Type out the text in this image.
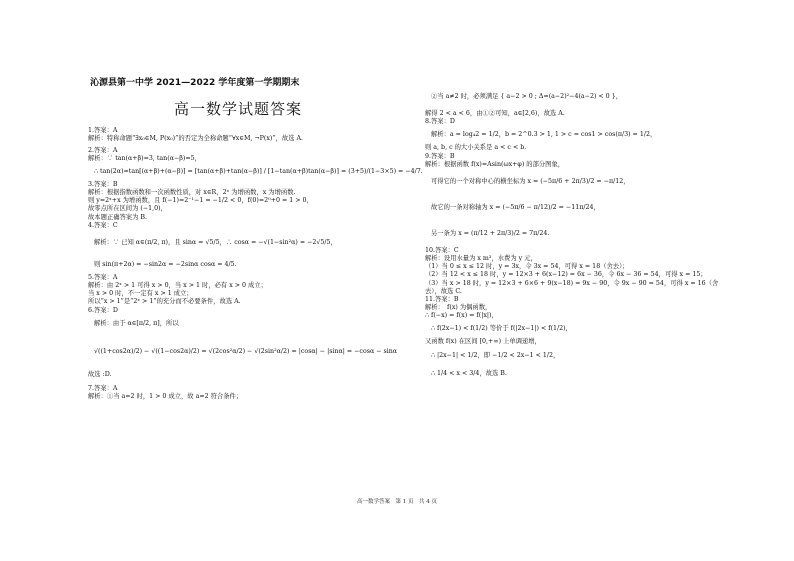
沁源县第一中学 2021—2022 学年度第一学期期末
高一数学试题答案
1.答案：A
解析：特称命题“∃x₀∈M, P(x₀)”的否定为全称命题“∀x∈M, ¬P(x)”，故选 A.
2.答案：A
解析：∵ tan(α+β)=3, tan(α−β)=5，
∴ tan(2α)=tan[(α+β)+(α−β)] = [tan(α+β)+tan(α−β)] / [1−tan(α+β)tan(α−β)] = (3+5)/(1−3×5) = −4/7.
3.答案：B
解析：根据指数函数和一次函数性质，对 x∈R，2ˣ 为增函数，x 为增函数.
则 y=2ˣ+x 为增函数，且 f(−1)=2⁻¹−1 = −1/2 < 0，f(0)=2⁰+0 = 1 > 0，
故零点所在区间为 (−1,0)，
故本题正确答案为 B.
4.答案：C
解析：∵ 已知 α∈(π/2, π)，且 sinα = √5/5，∴ cosα = −√(1−sin²α) = −2√5/5，
则 sin(π+2α) = −sin2α = −2sinα cosα = 4/5.
5.答案：A
解析：由 2ˣ > 1 可得 x > 0，当 x > 1 时，必有 x > 0 成立；
当 x > 0 时，不一定有 x > 1 成立；
所以“x > 1”是“2ˣ > 1”的充分而不必要条件，故选 A.
6.答案：D
解析：由于 α∈[π/2, π]，所以
√((1+cos2α)/2) − √((1−cos2α)/2) = √(2cos²α/2) − √(2sin²α/2) = |cosα| − |sinα| = −cosα − sinα
故选 :D.
7.答案：A
解析：①当 a=2 时，1 > 0 成立，故 a=2 符合条件；
②当 a≠2 时，必须满足 { a−2 > 0 ; Δ=(a−2)²−4(a−2) < 0 }，
解得 2 < a < 6，由①②可知，a∈[2,6)，故选 A.
8.答案：D
解析：a = log₄2 = 1/2，b = 2^0.3 > 1, 1 > c = cos1 > cos(π/3) = 1/2，
则 a, b, c 的大小关系是 a < c < b.
9.答案：B
解析：根据函数 f(x)=Asin(ωx+φ) 的部分图象，
可得它的一个对称中心的横坐标为 x = (−5π/6 + 2π/3)/2 = −π/12，
故它的一条对称轴为 x = (−5π/6 − π/12)/2 = −11π/24，
另一条为 x = (π/12 + 2π/3)/2 = 7π/24.
10.答案：C
解析：设用水量为 x m³，水费为 y 元，
（1）当 0 ≤ x ≤ 12 时，y = 3x，令 3x = 54，可得 x = 18（舍去）；
（2）当 12 < x ≤ 18 时，y = 12×3 + 6(x−12) = 6x − 36，令 6x − 36 = 54，可得 x = 15；
（3）当 x > 18 时，y = 12×3 + 6×6 + 9(x−18) = 9x − 90，令 9x − 90 = 54，可得 x = 16（舍
去），故选 C.
11.答案：B
解析：　f(x) 为偶函数，
∴ f(−x) = f(x) = f(|x|)，
∴ f(2x−1) < f(1/2) 等价于 f(|2x−1|) < f(1/2)，
又函数 f(x) 在区间 [0,+∞) 上单调递增，
∴ |2x−1| < 1/2，即 −1/2 < 2x−1 < 1/2，
∴ 1/4 < x < 3/4，故选 B.
高一数学答案　第 1 页　共 4 页
